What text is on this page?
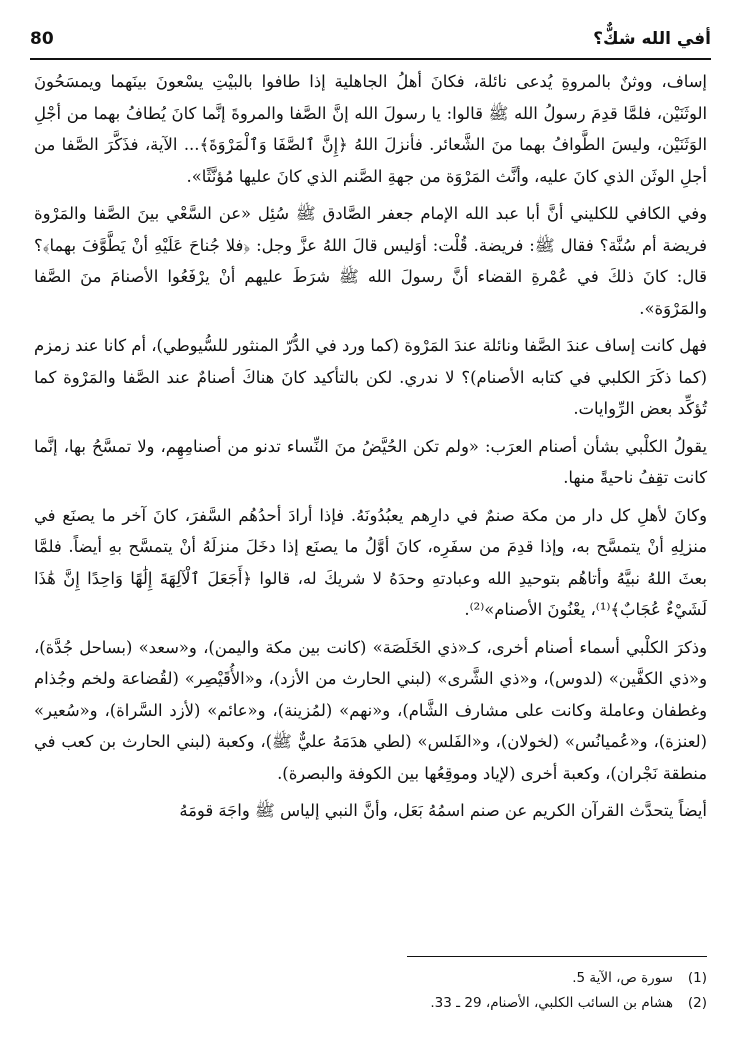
80	أفي الله شكٌّ؟

إساف، ووثنٌ بالمروةِ يُدعى نائلة، فكانَ أهلُ الجاهلية إذا طافوا بالبيْتِ يسْعونَ بينَهما ويمسَحُونَ الوثَنَيْن، فلمَّا قدِمَ رسولُ الله ﷺ قالوا: يا رسولَ الله إنَّ الصَّفا والمروةَ إنَّما كانَ يُطافُ بهما من أجْلِ الوَثَنَيْن، وليسَ الطَّوافُ بهما منَ الشَّعائر. فأنزلَ اللهُ ﴿إِنَّ ٱلصَّفَا وَٱلْمَرْوَةَ﴾... الآية، فذَكَّرَ الصَّفا من أجلِ الوثَن الذي كانَ عليه، وأنَّث المَرْوَة من جهةِ الصَّنم الذي كانَ عليها مُؤنَّثًا».

وفي الكافي للكليني أنَّ أبا عبد الله الإمام جعفر الصَّادق ﷺ سُئِل «عن السَّعْي بينَ الصَّفا والمَرْوة فريضة أم سُنَّة؟ فقال ﷺ: فريضة. قُلْت: أوَليس قالَ اللهُ عزَّ وجل: ﴿فلا جُناحَ عَلَيْهِ أنْ يَطَّوَّفَ بهما﴾؟ قال: كانَ ذلكَ في عُمْرةِ القضاء أنَّ رسولَ الله ﷺ شرَطَ عليهم أنْ يرْفَعُوا الأصنامَ منَ الصَّفا والمَرْوَة».

فهل كانت إساف عندَ الصَّفا ونائلة عندَ المَرْوة (كما ورد في الدُّرّ المنثور للسُّيوطي)، أم كانا عند زمزم (كما ذكَرَ الكلبي في كتابه الأصنام)؟ لا ندري. لكن بالتأكيد كانَ هناكَ أصنامٌ عند الصَّفا والمَرْوة كما تُؤكِّد بعض الرِّوايات.

يقولُ الكلْبي بشأن أصنام العرَب: «ولم تكن الحُيَّضُ منَ النِّساء تدنو من أصنامِهِم، ولا تمسَّحُ بها، إنَّما كانت تقِفُ ناحيةً منها.

وكانَ لأهلِ كل دار من مكة صنمٌ في دارِهم يعبُدُونَهُ. فإذا أرادَ أحدُهُم السَّفرَ، كانَ آخر ما يصنَع في منزلِهِ أنْ يتمسَّح به، وإذا قدِمَ من سفَرِه، كانَ أوَّلُ ما يصنَع إذا دخَلَ منزلَهُ أنْ يتمسَّح بهِ أيضاً. فلمَّا بعثَ اللهُ نبيَّهُ وأتاهُم بتوحيدِ الله وعبادتهِ وحدَهُ لا شريكَ له، قالوا ﴿أَجَعَلَ ٱلْآلِهَةَ إِلَٰهًا وَاحِدًا إِنَّ هَٰذَا لَشَيْءٌ عُجَابٌ﴾⁽¹⁾، يعْنُونَ الأصنام»⁽²⁾.

وذكرَ الكلْبي أسماء أصنام أخرى، كـ«ذي الخَلَصَة» (كانت بين مكة واليمن)، و«سعد» (بساحل جُدَّة)، و«ذي الكفَّين» (لدوس)، و«ذي الشَّرى» (لبني الحارث من الأزد)، و«الأُقَيْصِر» (لقُضاعة ولخم وجُذام وغطفان وعاملة وكانت على مشارف الشَّام)، و«نهم» (لمُزينة)، و«عائم» (لأزد السَّراة)، و«سُعير» (لعنزة)، و«عُميانُس» (لخولان)، و«الفَلس» (لطي هدَمَهُ عليٌّ ﷺ)، وكعبة (لبني الحارث بن كعب في منطقة نَجْران)، وكعبة أخرى (لإياد وموقِعُها بين الكوفة والبصرة).

أيضاً يتحدَّث القرآن الكريم عن صنم اسمُهُ بَعَل، وأنَّ النبي إلياس ﷺ واجَهَ قومَهُ

(1)
سورة ص، الآية 5.
(2)
هشام بن السائب الكلبي، الأصنام، 29 ـ 33.
